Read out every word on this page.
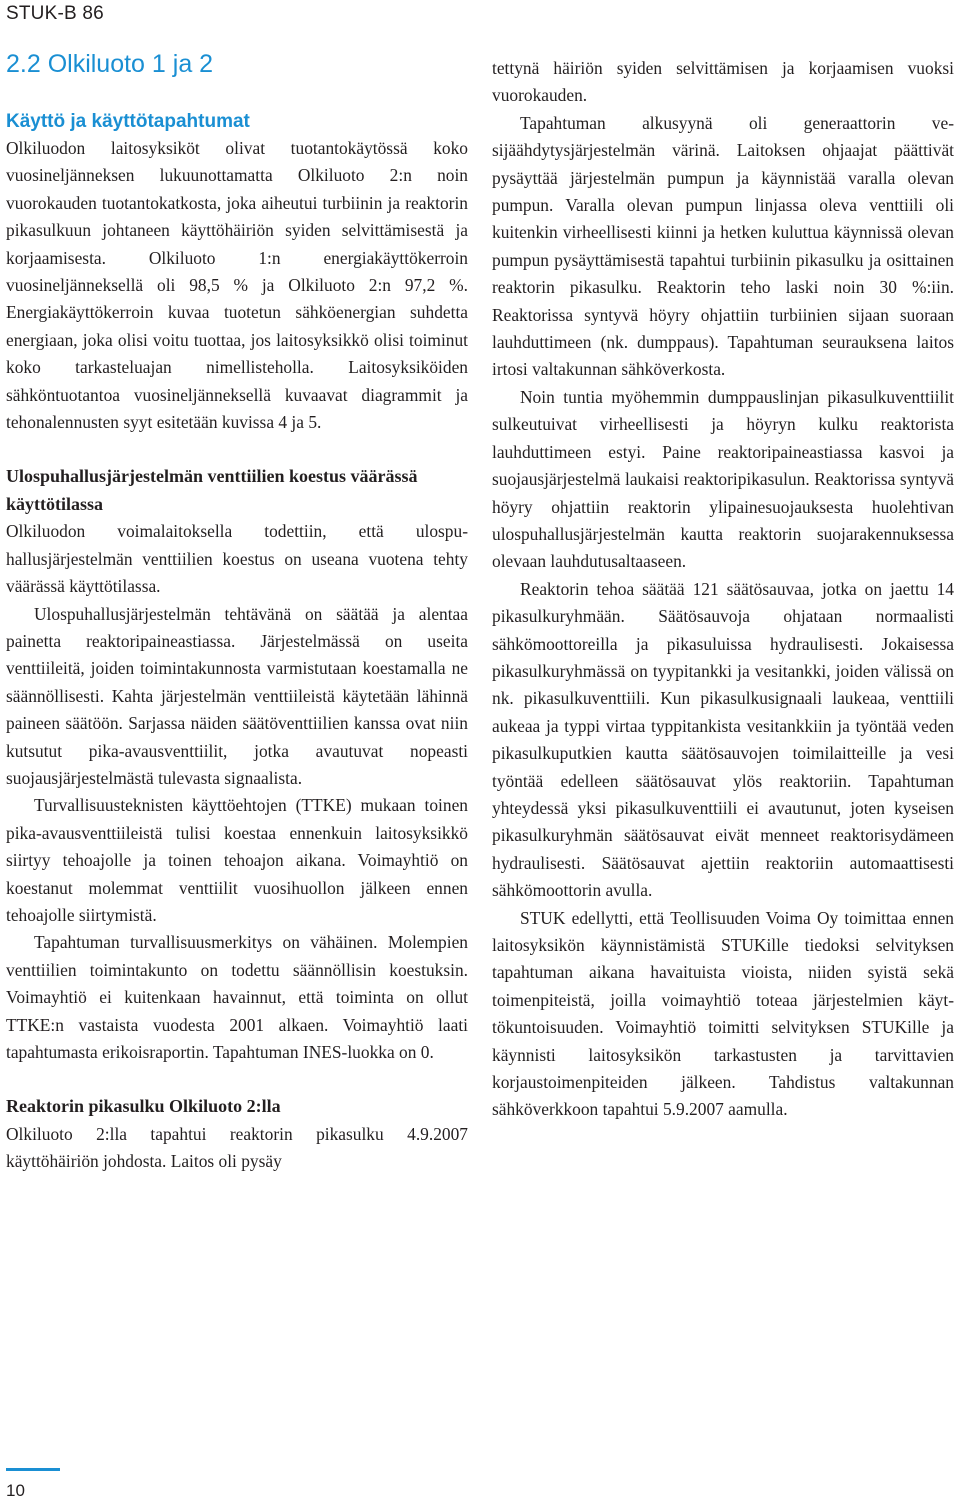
STUK-B 86
2.2 Olkiluoto 1 ja 2
Käyttö ja käyttötapahtumat

Olkiluodon laitosyksiköt olivat tuotantokäytössä koko vuosineljänneksen lukuunottamatta Olkiluoto 2:n noin vuorokauden tuotantokatkosta, joka aiheutui turbiinin ja reaktorin pikasulkuun johtaneen käyttöhäiriön syiden selvittämisestä ja korjaamisesta. Olkiluoto 1:n energiakäyttökerroin vuosineljänneksellä oli 98,5 % ja Olkiluoto 2:n 97,2 %. Energiakäyttökerroin kuvaa tuotetun sähköenergian suhdetta energiaan, joka olisi voitu tuottaa, jos laitosyksikkö olisi toiminut koko tarkasteluajan nimellisteholla. Laitosyksiköiden sähköntuotantoa vuosineljänneksellä kuvaavat diagrammit ja tehonalennusten syyt esitetään kuvissa 4 ja 5.

Ulospuhallusjärjestelmän venttiilien koestus väärässä käyttötilassa

Olkiluodon voimalaitoksella todettiin, että ulospuhallusjärjestelmän venttiilien koestus on useana vuotena tehty väärässä käyttötilassa.

Ulospuhallusjärjestelmän tehtävänä on säätää ja alentaa painetta reaktoripaineastiassa. Järjestelmässä on useita venttiileitä, joiden toimintakunnosta varmistutaan koestamalla ne säännöllisesti. Kahta järjestelmän venttiileistä käytetään lähinnä paineen säätöön. Sarjassa näiden säätöventtiilien kanssa ovat niin kutsutut pika-avausventtiilit, jotka avautuvat nopeasti suojausjärjestelmästä tulevasta signaalista.

Turvallisuusteknisten käyttöehtojen (TTKE) mukaan toinen pika-avausventtiileistä tulisi koestaa ennenkuin laitosyksikkö siirtyy tehoajolle ja toinen tehoajon aikana. Voimayhtiö on koestanut molemmat venttiilit vuosihuollon jälkeen ennen tehoajolle siirtymistä.

Tapahtuman turvallisuusmerkitys on vähäinen. Molempien venttiilien toimintakunto on todettu säännöllisin koestuksin. Voimayhtiö ei kuitenkaan havainnut, että toiminta on ollut TTKE:n vastaista vuodesta 2001 alkaen. Voimayhtiö laati tapahtumasta erikoisraportin. Tapahtuman INES-luokka on 0.

Reaktorin pikasulku Olkiluoto 2:lla

Olkiluoto 2:lla tapahtui reaktorin pikasulku 4.9.2007 käyttöhäiriön johdosta. Laitos oli pysäy

tettynä häiriön syiden selvittämisen ja korjaamisen vuoksi vuorokauden.

Tapahtuman alkusyynä oli generaattorin vesijäähdytysjärjestelmän värinä. Laitoksen ohjaajat päättivät pysäyttää järjestelmän pumpun ja käynnistää varalla olevan pumpun. Varalla olevan pumpun linjassa oleva venttiili oli kuitenkin virheellisesti kiinni ja hetken kuluttua käynnissä olevan pumpun pysäyttämisestä tapahtui turbiinin pikasulku ja osittainen reaktorin pikasulku. Reaktorin teho laski noin 30 %:iin. Reaktorissa syntyvä höyry ohjattiin turbiinien sijaan suoraan lauhduttimeen (nk. dumppaus). Tapahtuman seurauksena laitos irtosi valtakunnan sähköverkosta.

Noin tuntia myöhemmin dumppauslinjan pikasulkuventtiilit sulkeutuivat virheellisesti ja höyryn kulku reaktorista lauhduttimeen estyi. Paine reaktoripaineastiassa kasvoi ja suojausjärjestelmä laukaisi reaktoripikasulun. Reaktorissa syntyvä höyry ohjattiin reaktorin ylipainesuojauksesta huolehtivan ulospuhallusjärjestelmän kautta reaktorin suojarakennuksessa olevaan lauhdutusaltaaseen.

Reaktorin tehoa säätää 121 säätösauvaa, jotka on jaettu 14 pikasulkuryhmään. Säätösauvoja ohjataan normaalisti sähkömoottoreilla ja pikasuluissa hydraulisesti. Jokaisessa pikasulkuryhmässä on tyypitankki ja vesitankki, joiden välissä on nk. pikasulkuventtiili. Kun pikasulkusignaali laukeaa, venttiili aukeaa ja typpi virtaa typpitankista vesitankkiin ja työntää veden pikasulkuputkien kautta säätösauvojen toimilaitteille ja vesi työntää edelleen säätösauvat ylös reaktoriin. Tapahtuman yhteydessä yksi pikasulkuventtiili ei avautunut, joten kyseisen pikasulkuryhmän säätösauvat eivät menneet reaktorisydämeen hydraulisesti. Säätösauvat ajettiin reaktoriin automaattisesti sähkömoottorin avulla.

STUK edellytti, että Teollisuuden Voima Oy toimittaa ennen laitosyksikön käynnistämistä STUKille tiedoksi selvityksen tapahtuman aikana havaituista vioista, niiden syistä sekä toimenpiteistä, joilla voimayhtiö toteaa järjestelmien käyttökuntoisuuden. Voimayhtiö toimitti selvityksen STUKille ja käynnisti laitosyksikön tarkastusten ja tarvittavien korjaustoimenpiteiden jälkeen. Tahdistus valtakunnan sähköverkkoon tapahtui 5.9.2007 aamulla.

10
